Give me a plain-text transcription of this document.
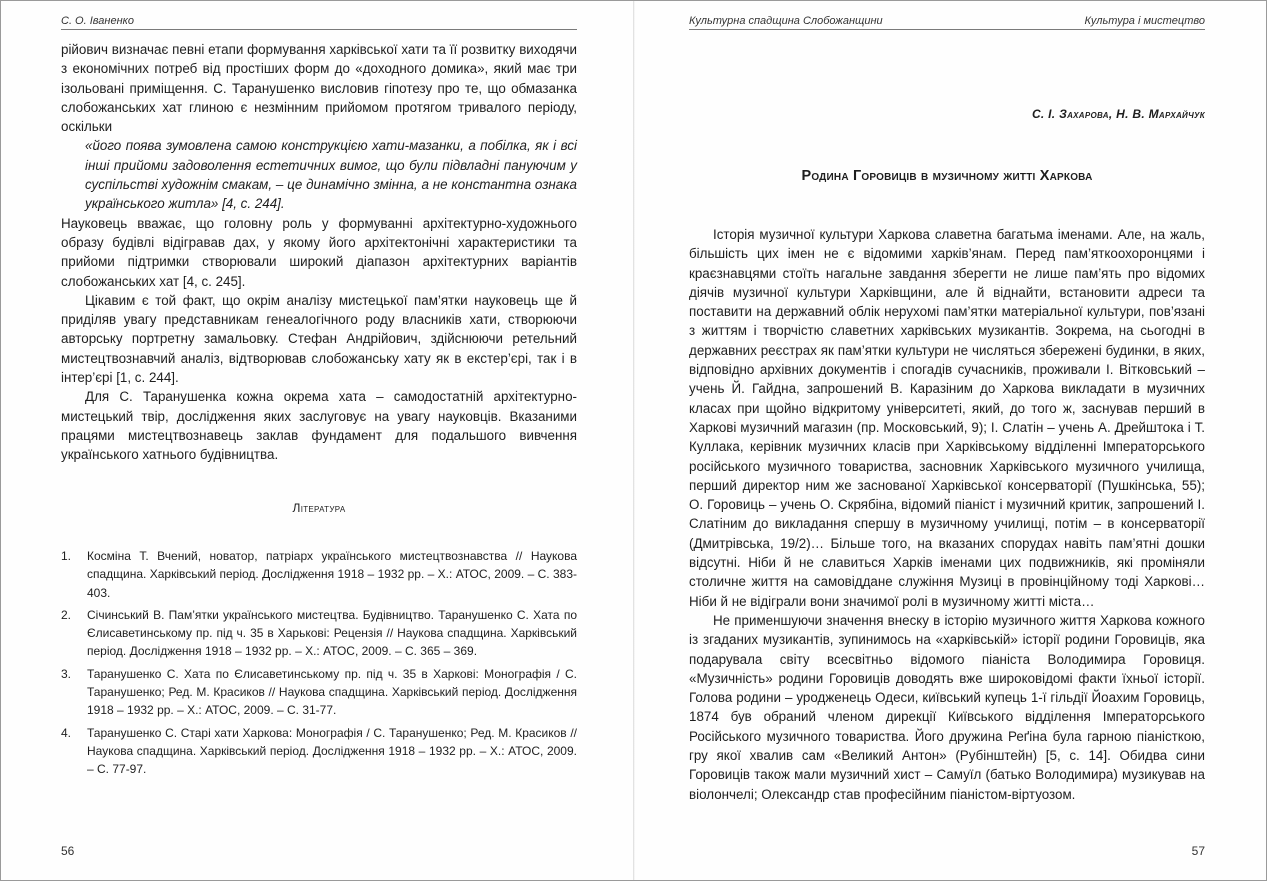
С. О. Іваненко

рійович визначає певні етапи формування харківської хати та її розвитку виходячи з економічних потреб від простіших форм до «доходного домика», який має три ізольовані приміщення. С. Таранушенко висловив гіпотезу про те, що обмазанка слобожанських хат глиною є незмінним прийомом протягом тривалого періоду, оскільки

«його поява зумовлена самою конструкцією хати-мазанки, а побілка, як і всі інші прийоми задоволення естетичних вимог, що були підвладні пануючим у суспільстві художнім смакам, – це динамічно змінна, а не константна ознака українського житла» [4, с. 244].

Науковець вважає, що головну роль у формуванні архітектурно-художнього образу будівлі відігравав дах, у якому його архітектонічні характеристики та прийоми підтримки створювали широкий діапазон архітектурних варіантів слобожанських хат [4, с. 245].

Цікавим є той факт, що окрім аналізу мистецької пам’ятки науковець ще й приділяв увагу представникам генеалогічного роду власників хати, створюючи авторську портретну замальовку. Стефан Андрійович, здійснюючи ретельний мистецтвознавчий аналіз, відтворював слобожанську хату як в екстер’єрі, так і в інтер’єрі [1, с. 244].

Для С. Таранушенка кожна окрема хата – самодостатній архітектурно-мистецький твір, дослідження яких заслуговує на увагу науковців. Вказаними працями мистецтвознавець заклав фундамент для подальшого вивчення українського хатнього будівництва.

Література
1. Космiна Т. Вчений, новатор, патріарх українського мистецтвознавства // Наукова спадщина. Харківський період. Дослідження 1918 – 1932 рр. – Х.: АТОС, 2009. – С. 383-403.
2. Січинський В. Пам’ятки українського мистецтва. Будівництво. Таранушенко С. Хата по Єлисаветинському пр. під ч. 35 в Харькові: Рецензія // Наукова спадщина. Харківський період. Дослідження 1918 – 1932 рр. – Х.: АТОС, 2009. – С. 365 – 369.
3. Таранушенко С. Хата по Єлисаветинському пр. під ч. 35 в Харкові: Монографія / С. Таранушенко; Ред. М. Красиков // Наукова спадщина. Харківський період. Дослідження 1918 – 1932 рр. – Х.: АТОС, 2009. – С. 31-77.
4. Таранушенко С. Старі хати Харкова: Монографія / С. Таранушенко; Ред. М. Красиков // Наукова спадщина. Харківський період. Дослідження 1918 – 1932 рр. – Х.: АТОС, 2009. – С. 77-97.
56
Культурна спадщина Слобожанщини	Культура і мистецтво
С. І. Захарова, Н. В. Мархайчук
Родина Горовиців в музичному житті Харкова

Історія музичної культури Харкова славетна багатьма іменами. Але, на жаль, більшість цих імен не є відомими харків’янам. Перед пам’яткоохоронцями і краєзнавцями стоїть нагальне завдання зберегти не лише пам’ять про відомих діячів музичної культури Харківщини, але й віднайти, встановити адреси та поставити на державний облік нерухомі пам’ятки матеріальної культури, пов’язані з життям і творчістю славетних харківських музикантів. Зокрема, на сьогодні в державних реєстрах як пам’ятки культури не числяться збережені будинки, в яких, відповідно архівних документів і спогадів сучасників, проживали І. Вітковський – учень Й. Гайдна, запрошений В. Каразіним до Харкова викладати в музичних класах при щойно відкритому університеті, який, до того ж, заснував перший в Харкові музичний магазин (пр. Московський, 9); І. Слатін – учень А. Дрейштока і Т. Куллака, керівник музичних класів при Харківському відділенні Імператорського російського музичного товариства, засновник Харківського музичного училища, перший директор ним же заснованої Харківської консерваторії (Пушкінська, 55); О. Горовиць – учень О. Скрябіна, відомий піаніст і музичний критик, запрошений І. Слатіним до викладання спершу в музичному училищі, потім – в консерваторії (Дмитрівська, 19/2)… Більше того, на вказаних спорудах навіть пам’ятні дошки відсутні. Ніби й не славиться Харків іменами цих подвижників, які проміняли столичне життя на самовіддане служіння Музиці в провінційному тоді Харкові… Ніби й не відіграли вони значимої ролі в музичному житті міста…

Не применшуючи значення внеску в історію музичного життя Харкова кожного із згаданих музикантів, зупинимось на «харківській» історії родини Горовиців, яка подарувала світу всесвітньо відомого піаніста Володимира Горовиця. «Музичність» родини Горовиців доводять вже широковідомі факти їхньої історії. Голова родини – уродженець Одеси, київський купець 1-ї гільдії Йоахим Горовиць, 1874 був обраний членом дирекції Київського відділення Імператорського Російського музичного товариства. Його дружина Реґіна була гарною піаністкою, гру якої хвалив сам «Великий Антон» (Рубінштейн) [5, с. 14]. Обидва сини Горовиців також мали музичний хист – Самуїл (батько Володимира) музикував на віолончелі; Олександр став професійним піаністом-віртуозом.

57
